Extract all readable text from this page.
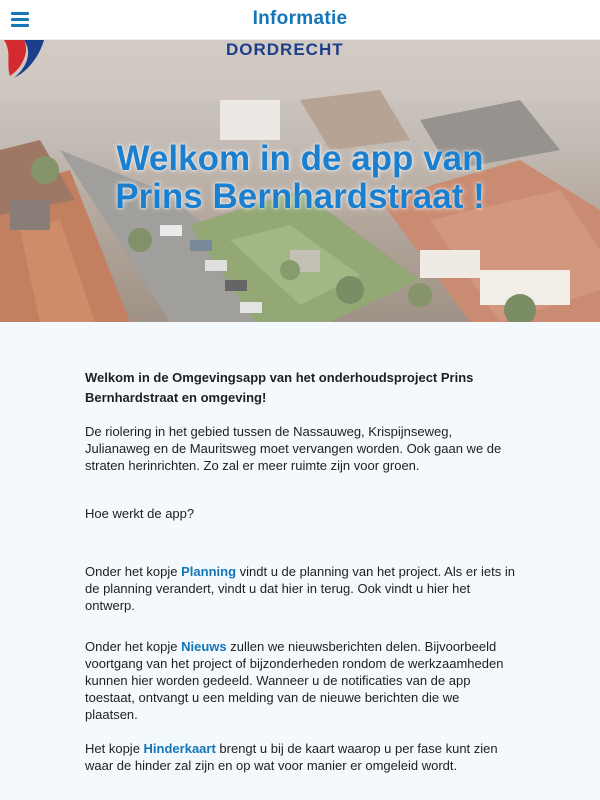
Informatie
DORDRECHT
Welkom in de app van
Prins Bernhardstraat !

Welkom in de Omgevingsapp van het onderhoudsproject Prins Bernhardstraat en omgeving!

De riolering in het gebied tussen de Nassauweg, Krispijnseweg, Julianaweg en de Mauritsweg moet vervangen worden. Ook gaan we de straten herinrichten. Zo zal er meer ruimte zijn voor groen.

Hoe werkt de app?

Onder het kopje Planning vindt u de planning van het project. Als er iets in de planning verandert, vindt u dat hier in terug. Ook vindt u hier het ontwerp.

Onder het kopje Nieuws zullen we nieuwsberichten delen. Bijvoorbeeld voortgang van het project of bijzonderheden rondom de werkzaamheden kunnen hier worden gedeeld. Wanneer u de notificaties van de app toestaat, ontvangt u een melding van de nieuwe berichten die we plaatsen.

Het kopje Hinderkaart brengt u bij de kaart waarop u per fase kunt zien waar de hinder zal zijn en op wat voor manier er omgeleid wordt.
